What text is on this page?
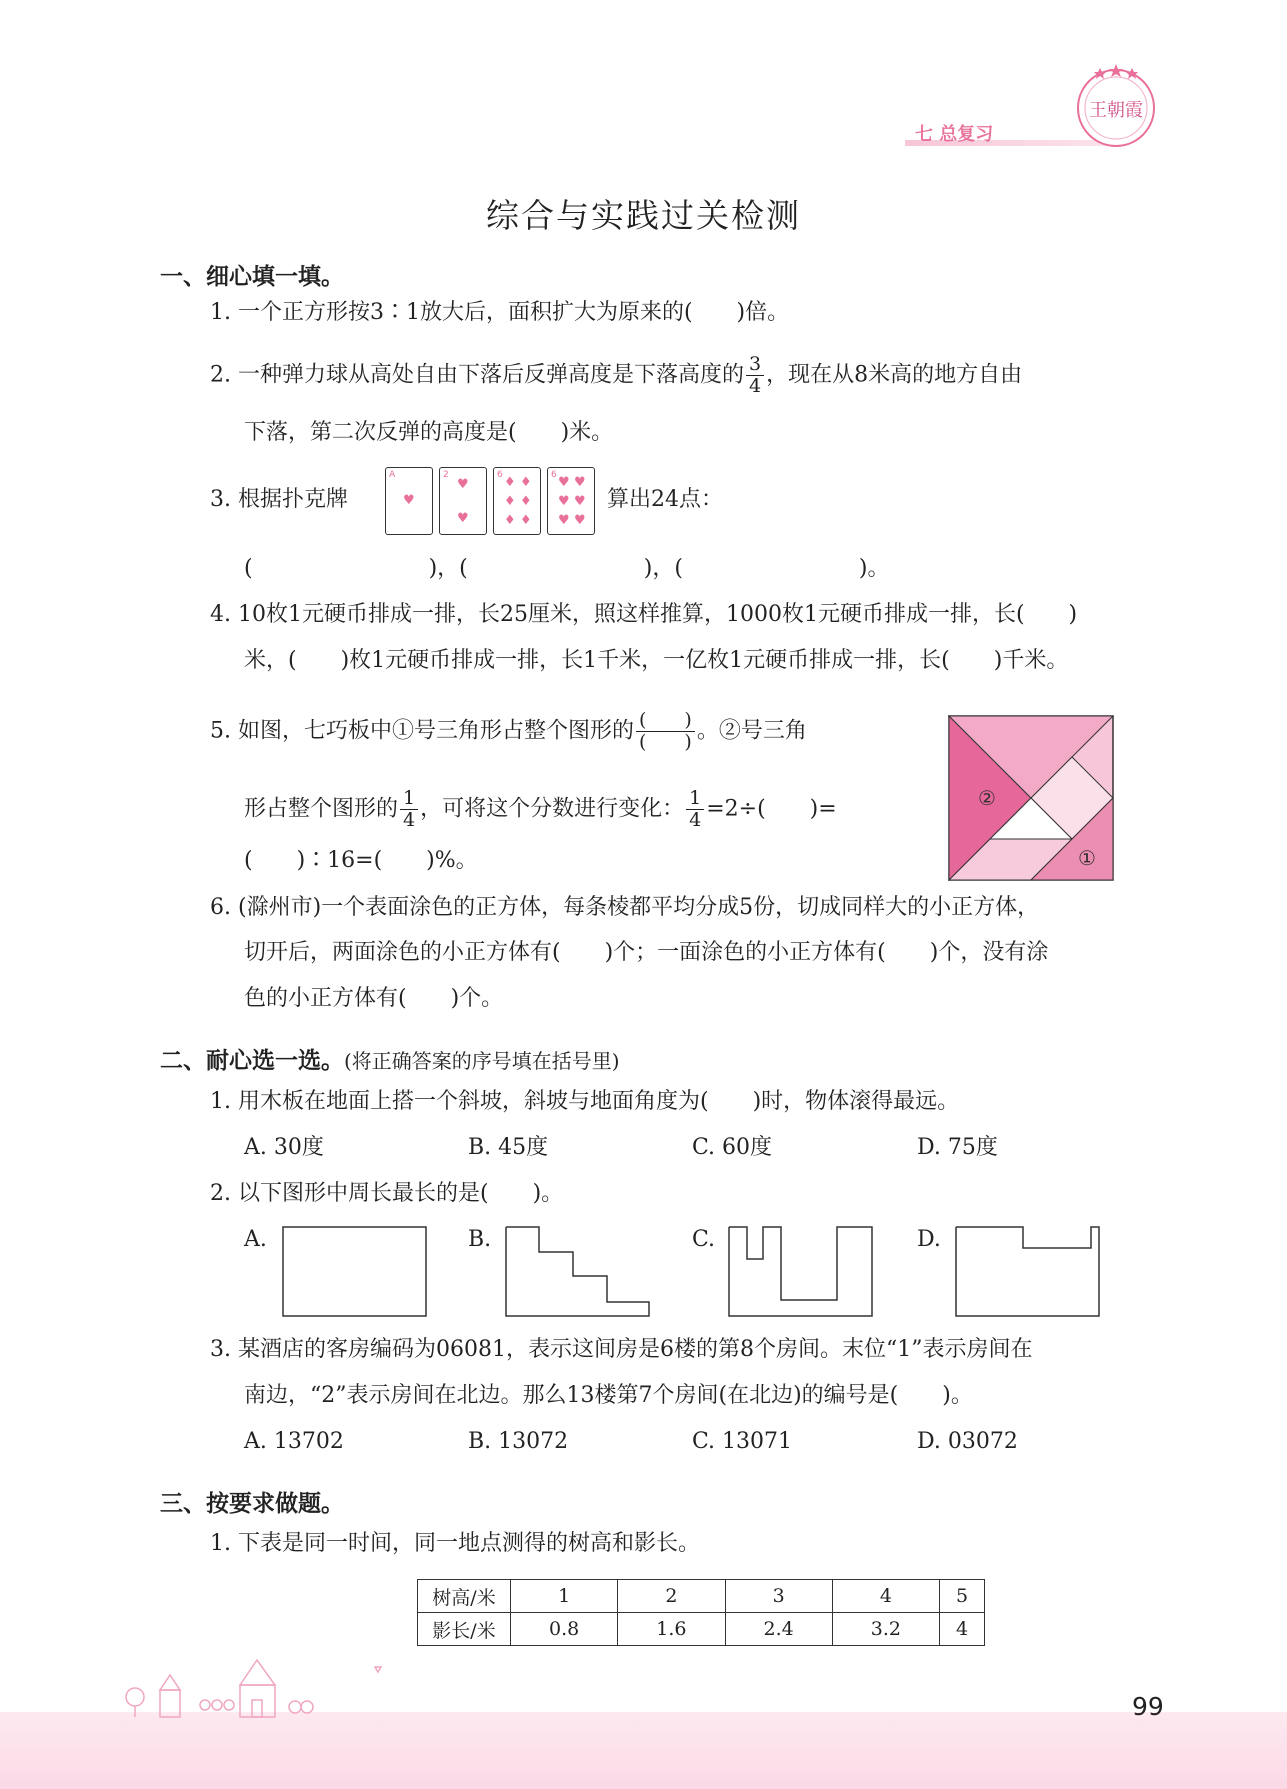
七 总复习
王朝霞
综合与实践过关检测
一、细心填一填。
1. 一个正方形按3∶1放大后，面积扩大为原来的(　　)倍。
2. 一种弹力球从高处自由下落后反弹高度是下落高度的 $\frac{3}{4}$ ，现在从8米高的地方自由
下落，第二次反弹的高度是(　　)米。
3. 根据扑克牌
A
♥
2
♥
♥
6 ♦ ♦
♦ ♦
♦ ♦
6 ♥ ♥
♥ ♥
♥ ♥
算出24点：
(　　　　　　　　)，(　　　　　　　　)，(　　　　　　　　)。
4. 10枚1元硬币排成一排，长25厘米，照这样推算，1000枚1元硬币排成一排，长(　　)
米，(　　)枚1元硬币排成一排，长1千米，一亿枚1元硬币排成一排，长(　　)千米。
5. 如图，七巧板中①号三角形占整个图形的 $\frac{( )}{( )}$ 。②号三角
形占整个图形的 $\frac{1}{4}$ ，可将这个分数进行变化： $\frac{1}{4} =2\div$(　　)=
(　　)∶16=(　　)%。
②
①
6. (滁州市)一个表面涂色的正方体，每条棱都平均分成5份，切成同样大的小正方体，
切开后，两面涂色的小正方体有(　　)个；一面涂色的小正方体有(　　)个，没有涂
色的小正方体有(　　)个。
二、耐心选一选。(将正确答案的序号填在括号里)
1. 用木板在地面上搭一个斜坡，斜坡与地面角度为(　　)时，物体滚得最远。
A. 30度	B. 45度	C. 60度	D. 75度
2. 以下图形中周长最长的是(　　)。
A.	B.	C.	D.
3. 某酒店的客房编码为06081，表示这间房是6楼的第8个房间。末位“1”表示房间在
南边，“2”表示房间在北边。那么13楼第7个房间(在北边)的编号是(　　)。
A. 13702	B. 13072	C. 13071	D. 03072
三、按要求做题。
1. 下表是同一时间，同一地点测得的树高和影长。
树高/米	1	2	3	4	5
影长/米	0.8	1.6	2.4	3.2	4
99
